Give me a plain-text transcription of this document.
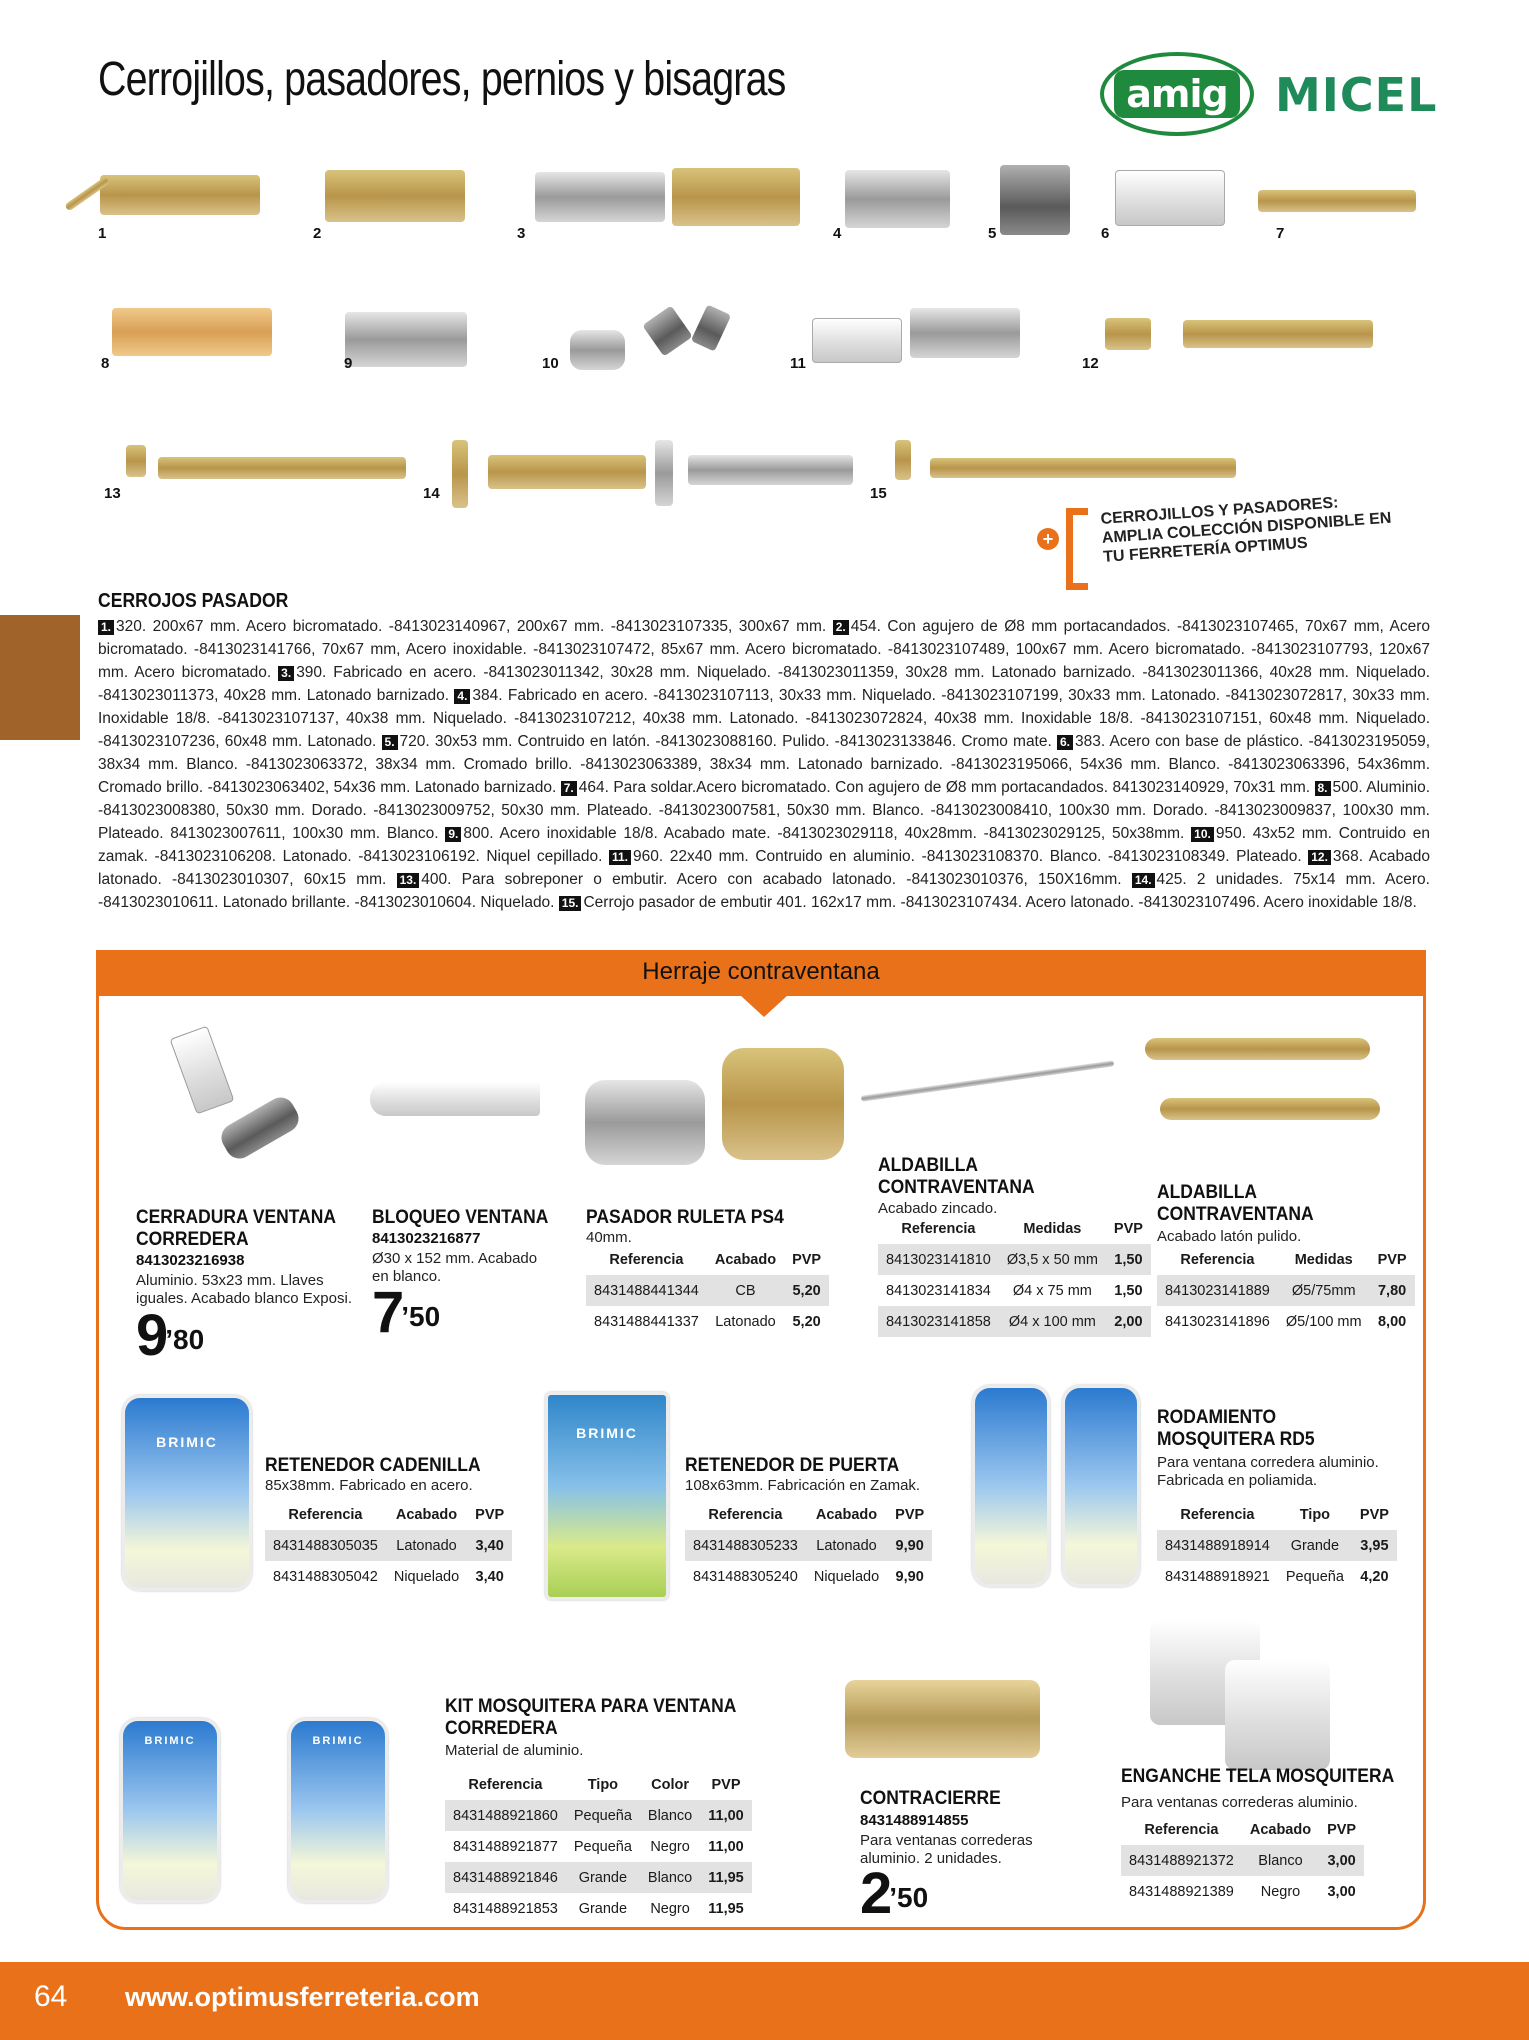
Cerrojillos, pasadores, pernios y bisagras	amig MICEL
1	2	3	4	5	6	7
8	9	10	11	12
13	14	15
+
CERROJILLOS Y PASADORES: AMPLIA COLECCIÓN DISPONIBLE EN TU FERRETERÍA OPTIMUS
CERROJOS PASADOR
1. 320. 200x67 mm. Acero bicromatado. -8413023140967, 200x67 mm. -8413023107335, 300x67 mm. 2. 454. Con agujero de Ø8 mm portacandados. -8413023107465, 70x67 mm, Acero bicromatado. -8413023141766, 70x67 mm, Acero inoxidable. -8413023107472, 85x67 mm. Acero bicromatado. -8413023107489, 100x67 mm. Acero bicromatado. -8413023107793, 120x67 mm. Acero bicromatado. 3. 390. Fabricado en acero. -8413023011342, 30x28 mm. Niquelado. -8413023011359, 30x28 mm. Latonado barnizado. -8413023011366, 40x28 mm. Niquelado. -8413023011373, 40x28 mm. Latonado barnizado. 4. 384. Fabricado en acero. -8413023107113, 30x33 mm. Niquelado. -8413023107199, 30x33 mm. Latonado. -8413023072817, 30x33 mm. Inoxidable 18/8. -8413023107137, 40x38 mm. Niquelado. -8413023107212, 40x38 mm. Latonado. -8413023072824, 40x38 mm. Inoxidable 18/8. -8413023107151, 60x48 mm. Niquelado. -8413023107236, 60x48 mm. Latonado. 5. 720. 30x53 mm. Contruido en latón. -8413023088160. Pulido. -8413023133846. Cromo mate. 6. 383. Acero con base de plástico. -8413023195059, 38x34 mm. Blanco. -8413023063372, 38x34 mm. Cromado brillo. -8413023063389, 38x34 mm. Latonado barnizado. -8413023195066, 54x36 mm. Blanco. -8413023063396, 54x36mm. Cromado brillo. -8413023063402, 54x36 mm. Latonado barnizado. 7. 464. Para soldar.Acero bicromatado. Con agujero de Ø8 mm portacandados. 8413023140929, 70x31 mm. 8. 500. Aluminio. -8413023008380, 50x30 mm. Dorado. -8413023009752, 50x30 mm. Plateado. -8413023007581, 50x30 mm. Blanco. -8413023008410, 100x30 mm. Dorado. -8413023009837, 100x30 mm. Plateado. 8413023007611, 100x30 mm. Blanco. 9. 800. Acero inoxidable 18/8. Acabado mate. -8413023029118, 40x28mm. -8413023029125, 50x38mm. 10. 950. 43x52 mm. Contruido en zamak. -8413023106208. Latonado. -8413023106192. Niquel cepillado. 11. 960. 22x40 mm. Contruido en aluminio. -8413023108370. Blanco. -8413023108349. Plateado. 12. 368. Acabado latonado. -8413023010307, 60x15 mm. 13. 400. Para sobreponer o embutir. Acero con acabado latonado. -8413023010376, 150X16mm. 14. 425. 2 unidades. 75x14 mm. Acero. -8413023010611. Latonado brillante. -8413023010604. Niquelado. 15. Cerrojo pasador de embutir 401. 162x17 mm. -8413023107434. Acero latonado. -8413023107496. Acero inoxidable 18/8.
Herraje contraventana
CERRADURA VENTANA CORREDERA
8413023216938
Aluminio. 53x23 mm. Llaves iguales. Acabado blanco Exposi.
$9^{’80}$
BLOQUEO VENTANA
8413023216877
Ø30 x 152 mm. Acabado en blanco.
$7^{’50}$
PASADOR RULETA PS4
40mm.
Referencia	Acabado	PVP
8431488441344	CB	5,20
8431488441337	Latonado	5,20
ALDABILLA CONTRAVENTANA
Acabado zincado.
Referencia	Medidas	PVP
8413023141810	Ø3,5 x 50 mm	1,50
8413023141834	Ø4 x 75 mm	1,50
8413023141858	Ø4 x 100 mm	2,00
ALDABILLA CONTRAVENTANA
Acabado latón pulido.
Referencia	Medidas	PVP
8413023141889	Ø5/75mm	7,80
8413023141896	Ø5/100 mm	8,00
BRIMIC
RETENEDOR CADENILLA
85x38mm. Fabricado en acero.
Referencia	Acabado	PVP
8431488305035	Latonado	3,40
8431488305042	Niquelado	3,40
BRIMIC
RETENEDOR DE PUERTA
108x63mm. Fabricación en Zamak.
Referencia	Acabado	PVP
8431488305233	Latonado	9,90
8431488305240	Niquelado	9,90
RODAMIENTO MOSQUITERA RD5
Para ventana corredera aluminio. Fabricada en poliamida.
Referencia	Tipo	PVP
8431488918914	Grande	3,95
8431488918921	Pequeña	4,20
BRIMIC	BRIMIC
KIT MOSQUITERA PARA VENTANA CORREDERA
Material de aluminio.
Referencia	Tipo	Color	PVP
8431488921860	Pequeña	Blanco	11,00
8431488921877	Pequeña	Negro	11,00
8431488921846	Grande	Blanco	11,95
8431488921853	Grande	Negro	11,95
CONTRACIERRE
8431488914855
Para ventanas correderas aluminio. 2 unidades.
$2^{’50}$
ENGANCHE TELA MOSQUITERA
Para ventanas correderas aluminio.
Referencia	Acabado	PVP
8431488921372	Blanco	3,00
8431488921389	Negro	3,00
64 www.optimusferreteria.com
